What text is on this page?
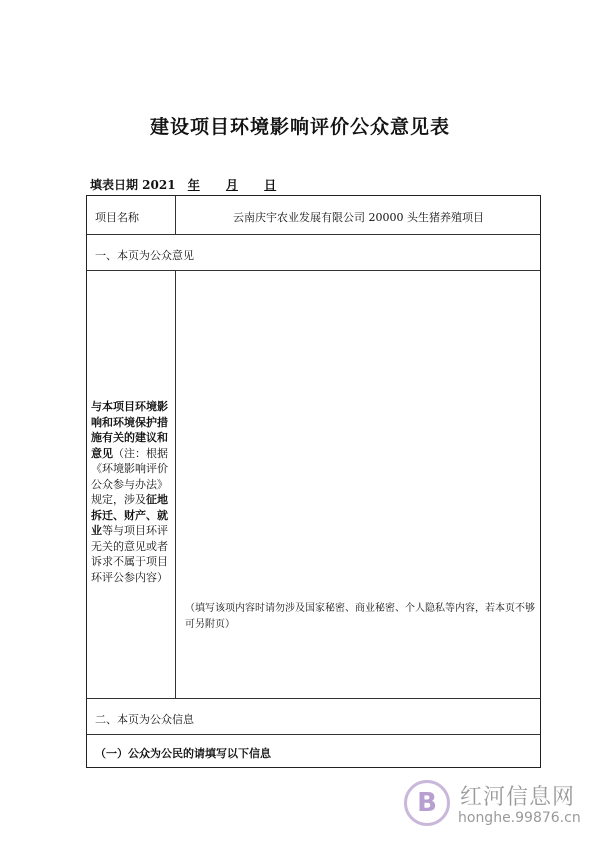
建设项目环境影响评价公众意见表
填表日期 2021 年 月 日
项目名称	云南庆宇农业发展有限公司 20000 头生猪养殖项目
一、本页为公众意见
与本项目环境影响和环境保护措施有关的建议和意见（注：根据《环境影响评价公众参与办法》规定，涉及征地拆迁、财产、就业等与项目环评无关的意见或者诉求不属于项目环评公参内容）
（填写该项内容时请勿涉及国家秘密、商业秘密、个人隐私等内容，若本页不够可另附页）
二、本页为公众信息
（一）公众为公民的请填写以下信息
B	红河信息网
honghe.99876.cn
